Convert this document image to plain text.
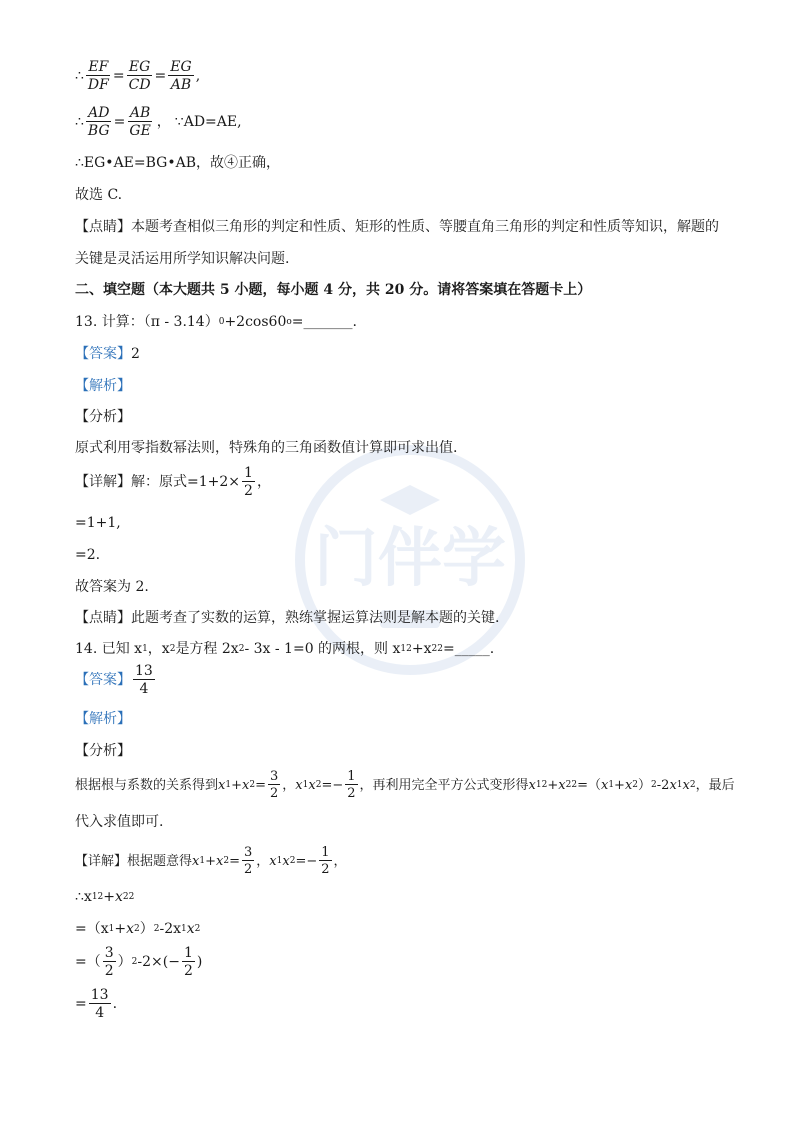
门伴学
∴ $\frac{EF}{DF} = \frac{EG}{CD} = \frac{EG}{AB}$ ,
∴ $\frac{AD}{BG} = \frac{AB}{GE}$ ， ∵ AD=AE,
∴EG•AE=BG•AB，故④正确，
故选 C.
【点睛】 本题考查相似三角形的判定和性质、矩形的性质、等腰直角三角形的判定和性质等知识，解题的
关键是灵活运用所学知识解决问题.
二、填空题（本大题共 5 小题，每小题 4 分，共 20 分。请将答案填在答题卡上）
13. 计算：（π - 3.14） 0 +2cos60 o =_______.
【答案】 2
【解析】
【分析】
原式利用零指数幂法则，特殊角的三角函数值计算即可求出值.
【详解】 解：原式$=1+2\times \frac{1}{2}$ ，
=1+1,
=2.
故答案为 2.
【点睛】 此题考查了实数的运算，熟练掌握运算法则是解本题的关键.
14. 已知 x 1 ，x 2 是方程 2x 2 - 3x - 1=0 的两根，则 x 1 2 +x 2 2 =_____.
【答案】 $\frac{13}{4}$
【解析】
【分析】
根据根与系数的关系得到 x 1 + x $2 = \frac{3}{2}$ ， x 1 x $2 =- \frac{1}{2}$ ，再利用完全平方公式变形得 x 1 2 + x 2 2 =（ x 1 + x 2 ） 2 -2 x 1 x 2 ，最后
代入求值即可.
【详解】 根据题意得 x 1 + x $2 = \frac{3}{2}$ ， x 1 x $2 =- \frac{1}{2}$ ，
∴x 1 2 + x 2 2
=（x 1 + x 2 ） 2 -2x 1 x 2
=（ $\frac{3}{2}$ ） 2 $-2\times(- \frac{1}{2}$ )
= $\frac{13}{4}$ .
